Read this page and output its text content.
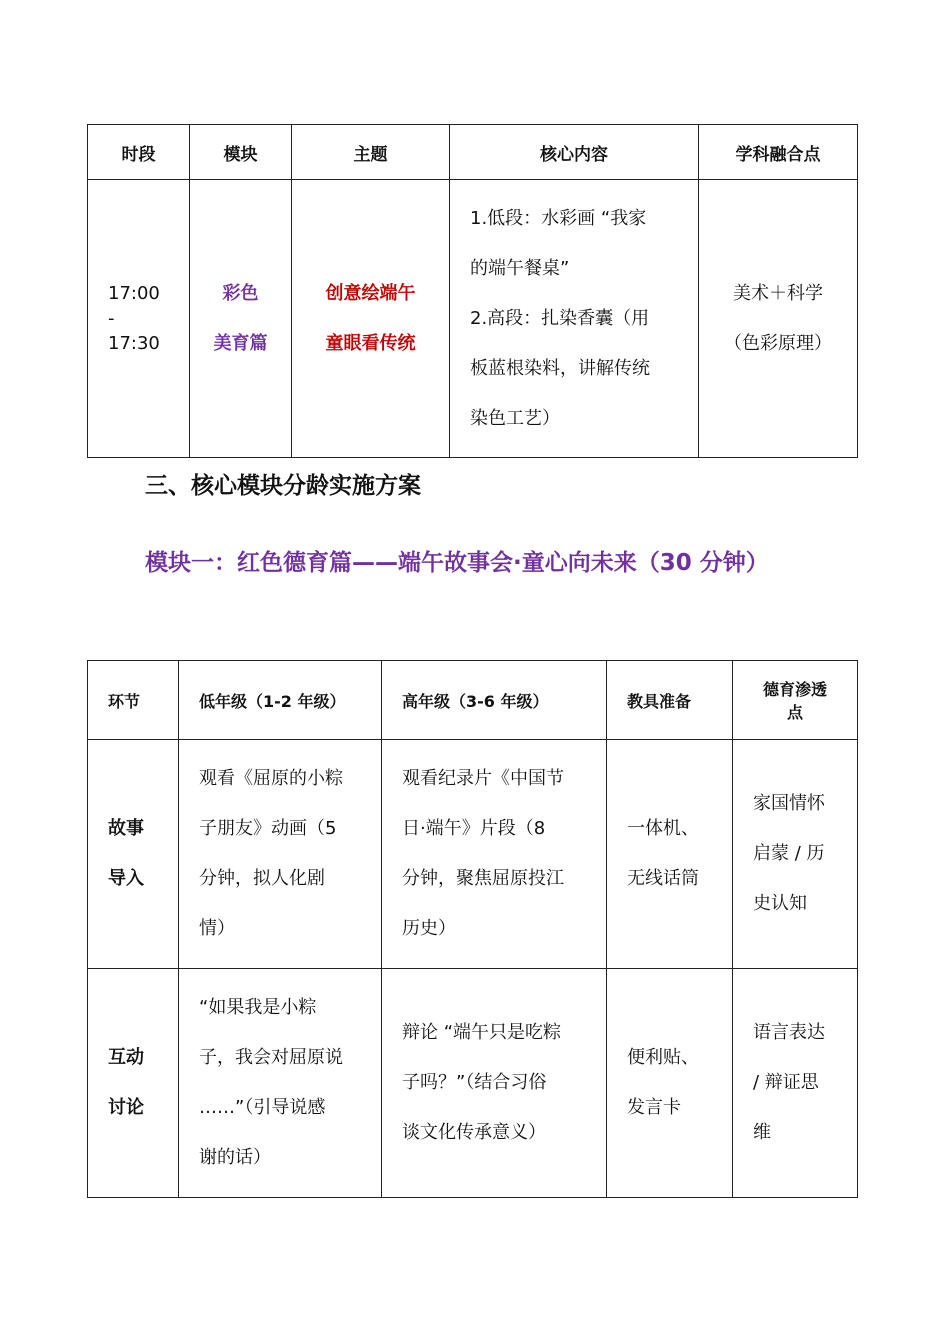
时段	模块	主题	核心内容	学科融合点

17:00
-
17:30	彩色
美育篇	创意绘端午
童眼看传统	1.低段：水彩画 “我家
的端午餐桌”
2.高段：扎染香囊（用
板蓝根染料，讲解传统
染色工艺）	美术＋科学
（色彩原理）
三、核心模块分龄实施方案
模块一：红色德育篇——端午故事会·童心向未来（30 分钟）
环节	低年级（1-2 年级）	高年级（3-6 年级）	教具准备	德育渗透点

故事
导入	观看《屈原的小粽
子朋友》动画（5
分钟，拟人化剧
情）	观看纪录片《中国节
日·端午》片段（8
分钟，聚焦屈原投江
历史）	一体机、
无线话筒	家国情怀
启蒙 / 历
史认知

互动
讨论	“如果我是小粽
子，我会对屈原说
……”（引导说感
谢的话）	辩论 “端午只是吃粽
子吗？”（结合习俗
谈文化传承意义）	便利贴、
发言卡	语言表达
/ 辩证思
维
